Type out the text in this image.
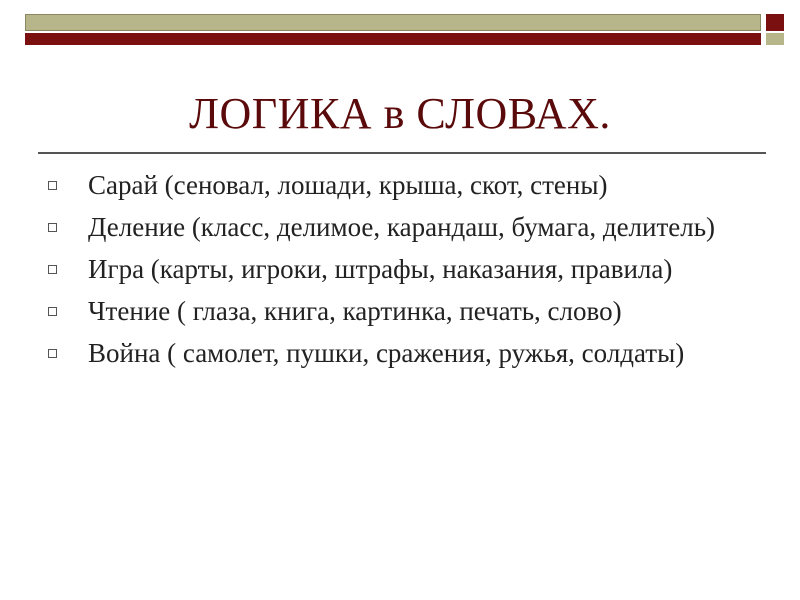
ЛОГИКА в СЛОВАХ.
Сарай (сеновал, лошади, крыша, скот, стены)
Деление (класс, делимое, карандаш, бумага, делитель)
Игра (карты, игроки, штрафы, наказания, правила)
Чтение ( глаза, книга, картинка, печать, слово)
Война ( самолет, пушки, сражения, ружья, солдаты)
